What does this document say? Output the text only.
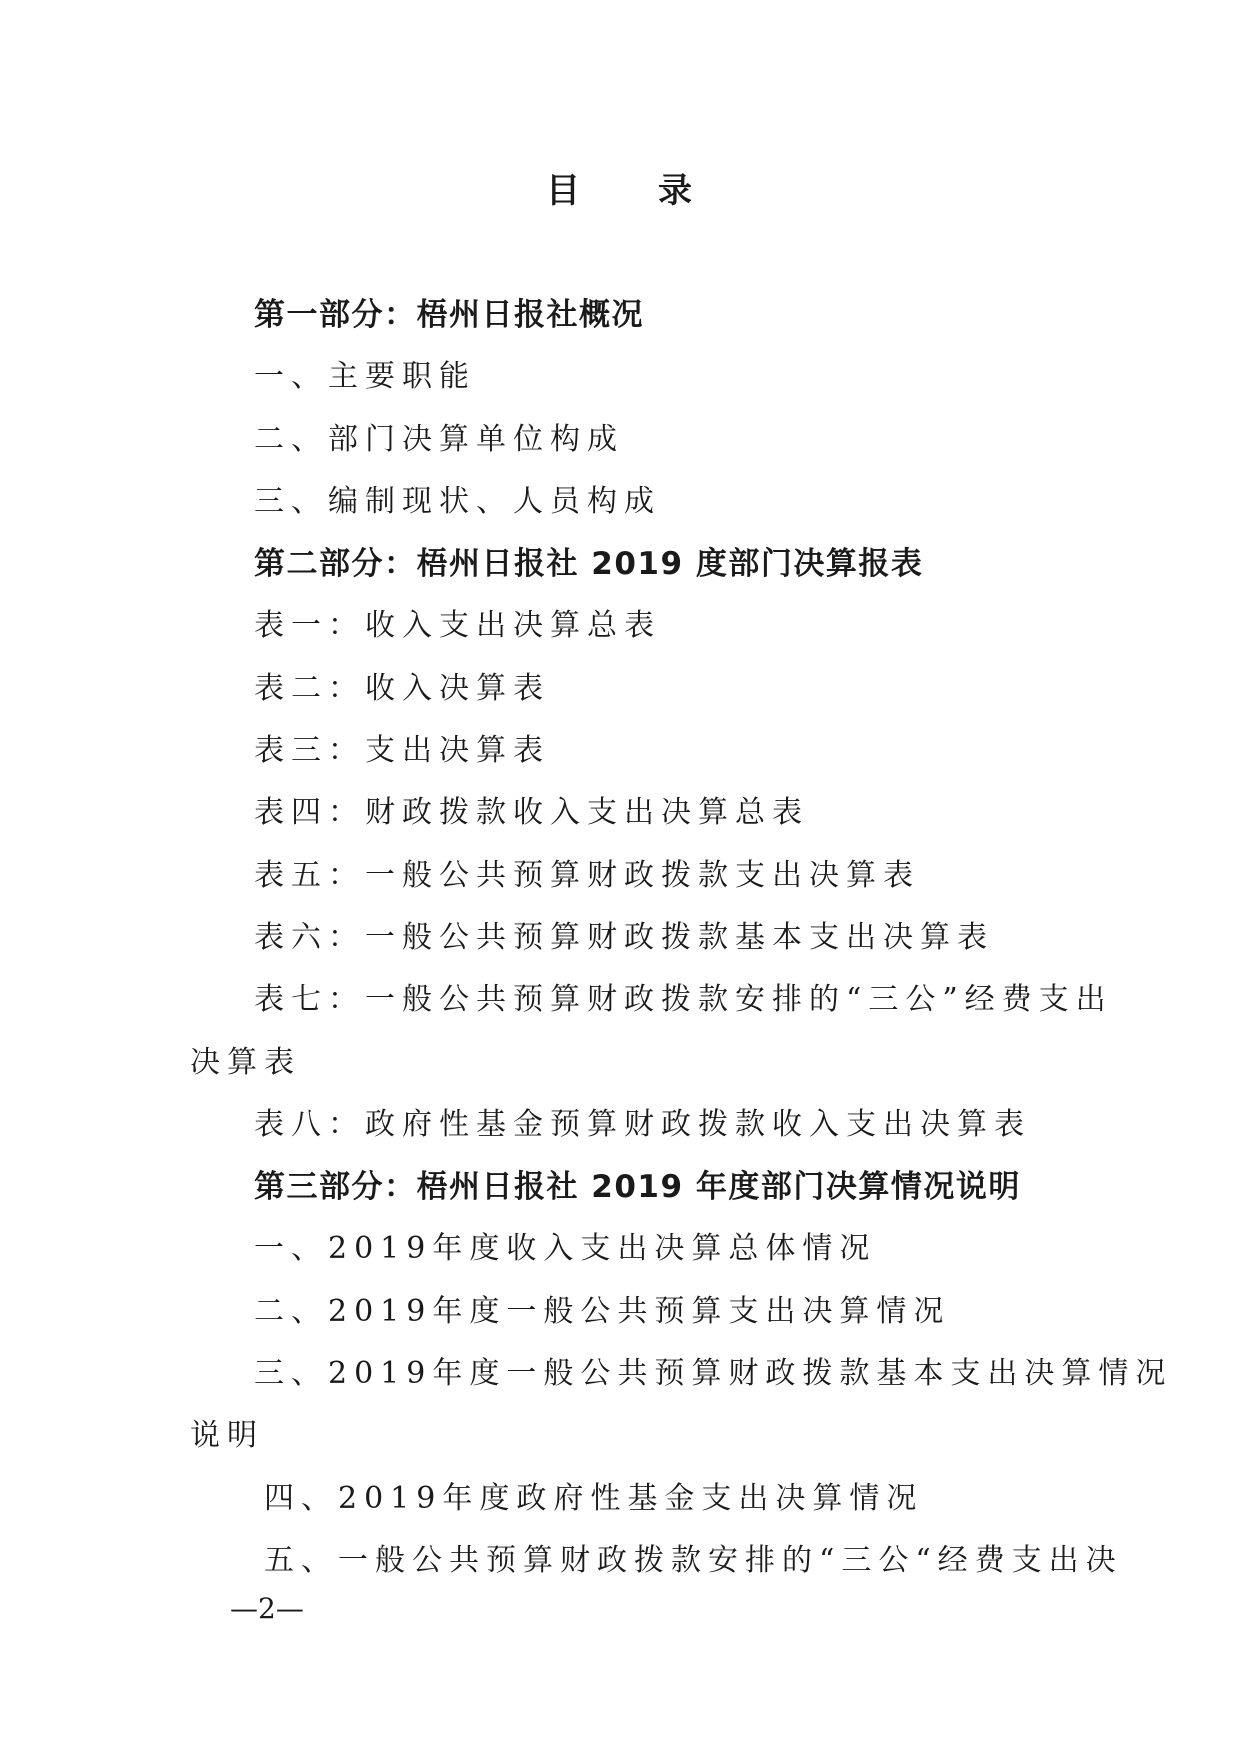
目 录
第一部分：梧州日报社概况
一、主要职能
二、部门决算单位构成
三、编制现状、人员构成
第二部分：梧州日报社 2019 度部门决算报表
表一：收入支出决算总表
表二：收入决算表
表三：支出决算表
表四：财政拨款收入支出决算总表
表五：一般公共预算财政拨款支出决算表
表六：一般公共预算财政拨款基本支出决算表
表七：一般公共预算财政拨款安排的“三公”经费支出
决算表
表八：政府性基金预算财政拨款收入支出决算表
第三部分：梧州日报社 2019 年度部门决算情况说明
一、2019年度收入支出决算总体情况
二、2019年度一般公共预算支出决算情况
三、2019年度一般公共预算财政拨款基本支出决算情况
说明
四、2019年度政府性基金支出决算情况
五、一般公共预算财政拨款安排的“三公“经费支出决
—2—
